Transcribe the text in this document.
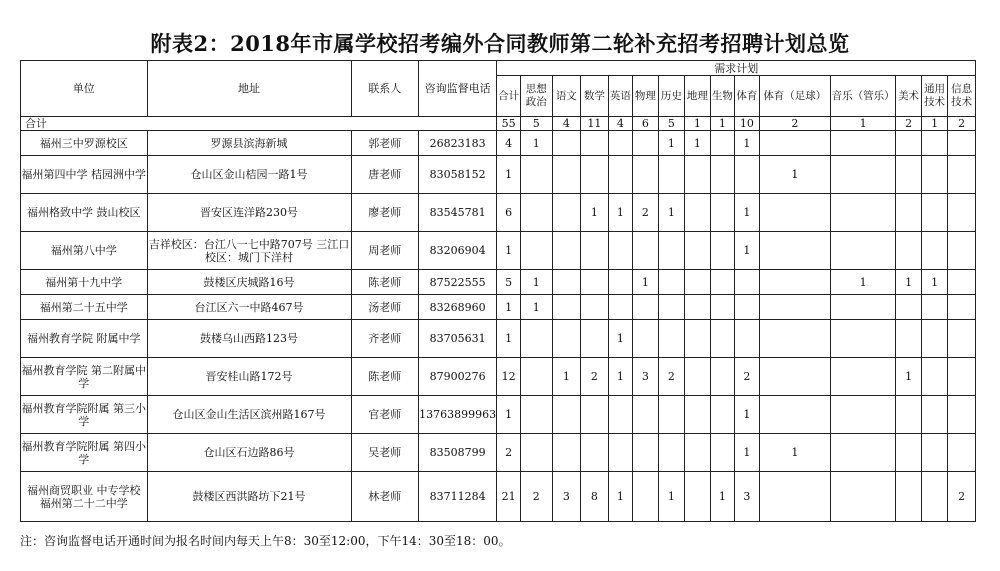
附表2：2018年市属学校招考编外合同教师第二轮补充招考招聘计划总览
单位	地址	联系人	咨询监督电话	需求计划														
				合计	思想政治	语文	数学	英语	物理	历史	地理	生物	体育	体育（足球）	音乐（管乐）	美术	通用技术	信息技术
合计				55	5	4	11	4	6	5	1	1	10	2	1	2	1	2
福州三中罗源校区	罗源县滨海新城	郭老师	26823183	4	1					1	1		1					
福州第四中学 桔园洲中学	仓山区金山桔园一路1号	唐老师	83058152	1										1				
福州格致中学 鼓山校区	晋安区连洋路230号	廖老师	83545781	6			1	1	2	1			1					
福州第八中学	吉祥校区：台江八一七中路707号 三江口校区：城门下洋村	周老师	83206904	1									1					
福州第十九中学	鼓楼区庆城路16号	陈老师	87522555	5	1				1						1	1	1	
福州第二十五中学	台江区六一中路467号	汤老师	83268960	1	1													
福州教育学院 附属中学	鼓楼乌山西路123号	齐老师	83705631	1				1										
福州教育学院 第二附属中学	晋安桂山路172号	陈老师	87900276	12		1	2	1	3	2			2			1		
福州教育学院附属 第三小学	仓山区金山生活区滨州路167号	官老师	13763899963	1									1					
福州教育学院附属 第四小学	仓山区石边路86号	吴老师	83508799	2									1	1				
福州商贸职业 中专学校 福州第二十二中学	鼓楼区西洪路坊下21号	林老师	83711284	21	2	3	8	1		1		1	3					2
注：咨询监督电话开通时间为报名时间内每天上午8：30至12:00，下午14：30至18：00。
